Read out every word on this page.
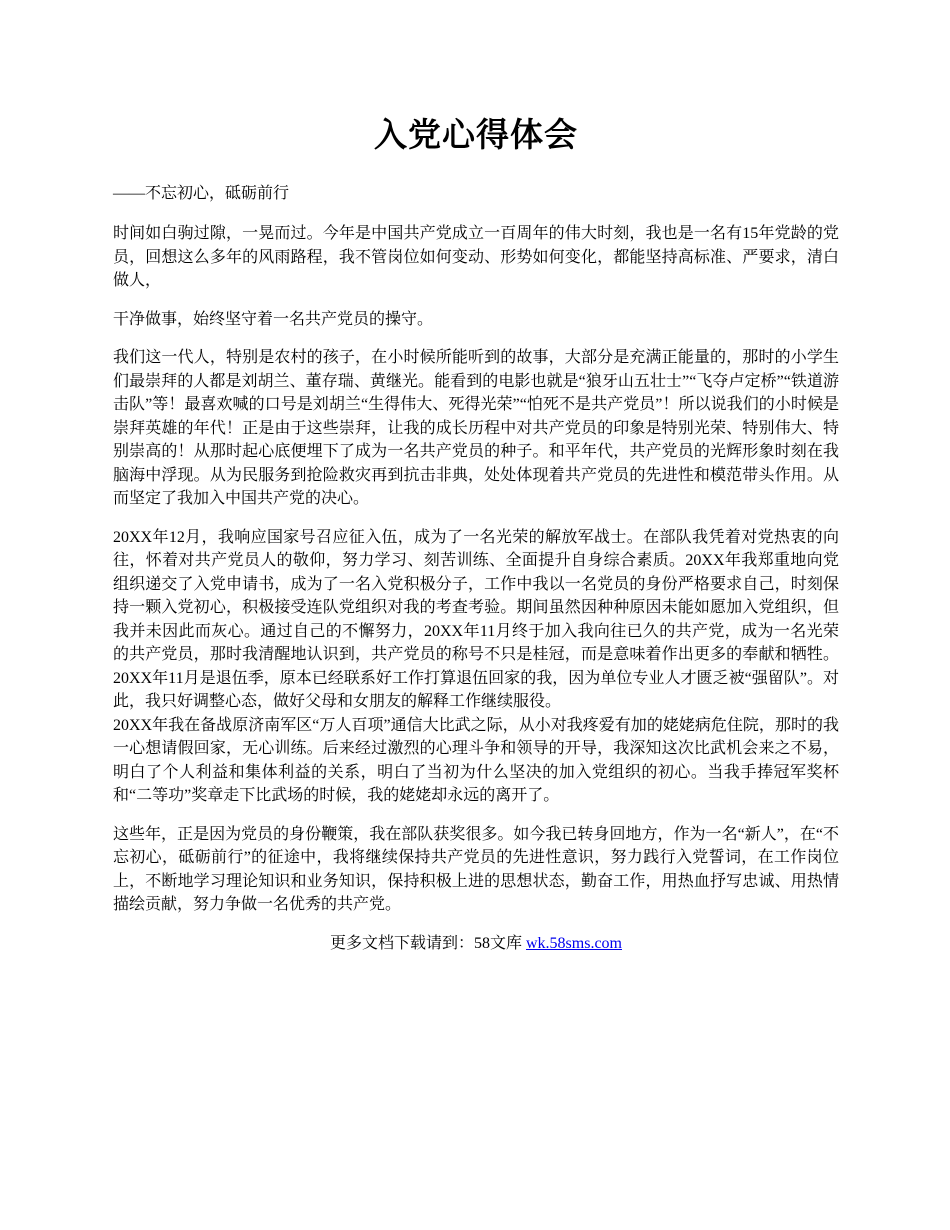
入党心得体会
——不忘初心，砥砺前行

时间如白驹过隙，一晃而过。今年是中国共产党成立一百周年的伟大时刻，我也是一名有15年党龄的党员，回想这么多年的风雨路程，我不管岗位如何变动、形势如何变化，都能坚持高标准、严要求，清白做人，

干净做事，始终坚守着一名共产党员的操守。

我们这一代人，特别是农村的孩子，在小时候所能听到的故事，大部分是充满正能量的，那时的小学生们最崇拜的人都是刘胡兰、董存瑞、黄继光。能看到的电影也就是“狼牙山五壮士”“飞夺卢定桥”“铁道游击队”等！最喜欢喊的口号是刘胡兰“生得伟大、死得光荣”“怕死不是共产党员”！所以说我们的小时候是崇拜英雄的年代！正是由于这些崇拜，让我的成长历程中对共产党员的印象是特别光荣、特别伟大、特别崇高的！从那时起心底便埋下了成为一名共产党员的种子。和平年代，共产党员的光辉形象时刻在我脑海中浮现。从为民服务到抢险救灾再到抗击非典，处处体现着共产党员的先进性和模范带头作用。从而坚定了我加入中国共产党的决心。

20XX年12月，我响应国家号召应征入伍，成为了一名光荣的解放军战士。在部队我凭着对党热衷的向往，怀着对共产党员人的敬仰，努力学习、刻苦训练、全面提升自身综合素质。20XX年我郑重地向党组织递交了入党申请书，成为了一名入党积极分子，工作中我以一名党员的身份严格要求自己，时刻保持一颗入党初心，积极接受连队党组织对我的考查考验。期间虽然因种种原因未能如愿加入党组织，但我并未因此而灰心。通过自己的不懈努力，20XX年11月终于加入我向往已久的共产党，成为一名光荣的共产党员，那时我清醒地认识到，共产党员的称号不只是桂冠，而是意味着作出更多的奉献和牺牲。20XX年11月是退伍季，原本已经联系好工作打算退伍回家的我，因为单位专业人才匮乏被“强留队”。对此，我只好调整心态，做好父母和女朋友的解释工作继续服役。

20XX年我在备战原济南军区“万人百项”通信大比武之际，从小对我疼爱有加的姥姥病危住院，那时的我一心想请假回家，无心训练。后来经过激烈的心理斗争和领导的开导，我深知这次比武机会来之不易，明白了个人利益和集体利益的关系，明白了当初为什么坚决的加入党组织的初心。当我手捧冠军奖杯和“二等功”奖章走下比武场的时候，我的姥姥却永远的离开了。

这些年，正是因为党员的身份鞭策，我在部队获奖很多。如今我已转身回地方，作为一名“新人”，在“不忘初心，砥砺前行”的征途中，我将继续保持共产党员的先进性意识，努力践行入党誓词，在工作岗位上，不断地学习理论知识和业务知识，保持积极上进的思想状态，勤奋工作，用热血抒写忠诚、用热情描绘贡献，努力争做一名优秀的共产党。

更多文档下载请到：58文库 wk.58sms.com
